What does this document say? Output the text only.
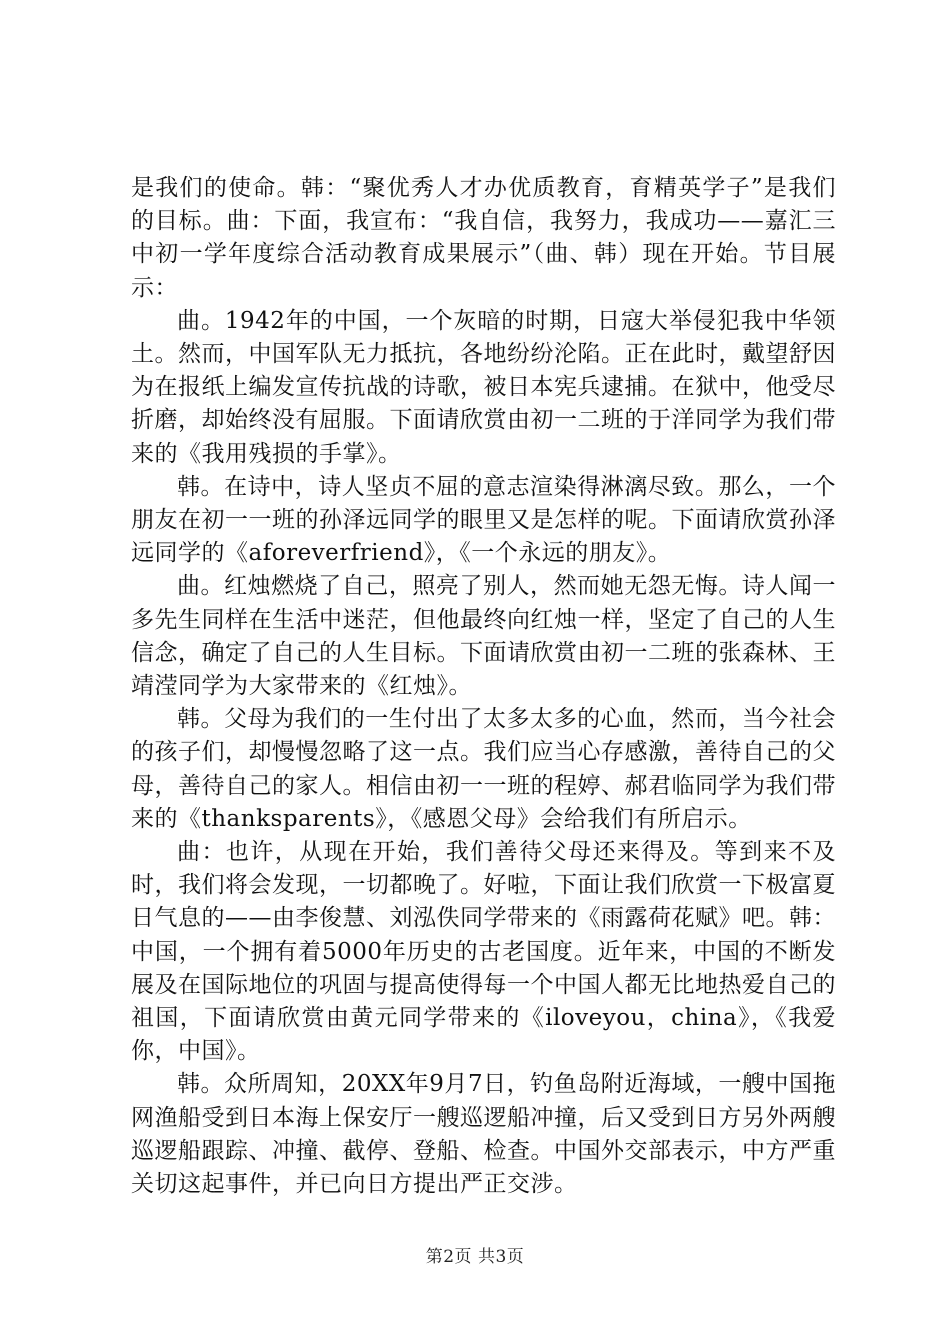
是我们的使命。韩：“聚优秀人才办优质教育，育精英学子”是我们的目标。曲：下面，我宣布：“我自信，我努力，我成功——嘉汇三中初一学年度综合活动教育成果展示”（曲、韩）现在开始。节目展示：

曲。1942年的中国，一个灰暗的时期，日寇大举侵犯我中华领土。然而，中国军队无力抵抗，各地纷纷沦陷。正在此时，戴望舒因为在报纸上编发宣传抗战的诗歌，被日本宪兵逮捕。在狱中，他受尽折磨，却始终没有屈服。下面请欣赏由初一二班的于洋同学为我们带来的《我用残损的手掌》。

韩。在诗中，诗人坚贞不屈的意志渲染得淋漓尽致。那么，一个朋友在初一一班的孙泽远同学的眼里又是怎样的呢。下面请欣赏孙泽远同学的《aforeverfriend》，《一个永远的朋友》。

曲。红烛燃烧了自己，照亮了别人，然而她无怨无悔。诗人闻一多先生同样在生活中迷茫，但他最终向红烛一样，坚定了自己的人生信念，确定了自己的人生目标。下面请欣赏由初一二班的张森林、王靖滢同学为大家带来的《红烛》。

韩。父母为我们的一生付出了太多太多的心血，然而，当今社会的孩子们，却慢慢忽略了这一点。我们应当心存感激，善待自己的父母，善待自己的家人。相信由初一一班的程婷、郝君临同学为我们带来的《thanksparents》，《感恩父母》会给我们有所启示。

曲：也许，从现在开始，我们善待父母还来得及。等到来不及时，我们将会发现，一切都晚了。好啦，下面让我们欣赏一下极富夏日气息的——由李俊慧、刘泓佚同学带来的《雨露荷花赋》吧。韩：中国，一个拥有着5000年历史的古老国度。近年来，中国的不断发展及在国际地位的巩固与提高使得每一个中国人都无比地热爱自己的祖国，下面请欣赏由黄元同学带来的《iloveyou，china》，《我爱你，中国》。

韩。众所周知，20XX年9月7日，钓鱼岛附近海域，一艘中国拖网渔船受到日本海上保安厅一艘巡逻船冲撞，后又受到日方另外两艘巡逻船跟踪、冲撞、截停、登船、检查。中国外交部表示，中方严重关切这起事件，并已向日方提出严正交涉。

第2页 共3页
